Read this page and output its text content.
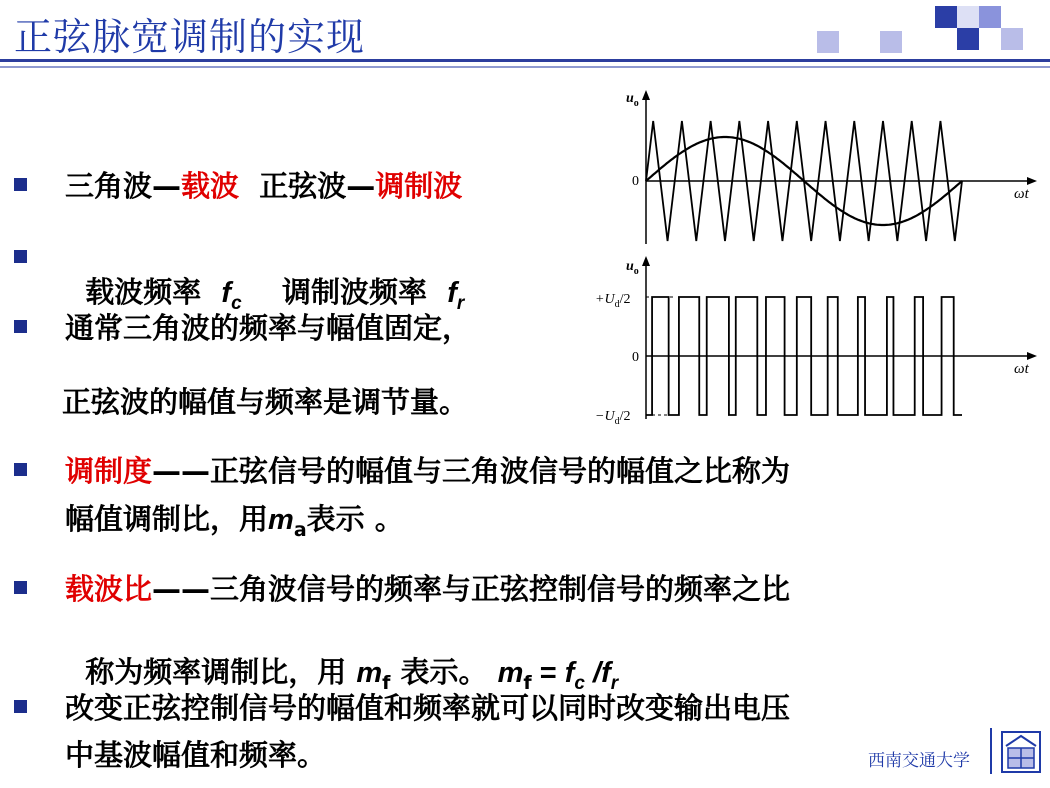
正弦脉宽调制的实现
三角波—载波  正弦波—调制波

载波频率  $f_c$    调制波频率  $f_r$

通常三角波的频率与幅值固定，
正弦波的幅值与频率是调节量。
调制度——正弦信号的幅值与三角波信号的幅值之比称为
幅值调制比，用$m_a$表示 。
载波比——三角波信号的频率与正弦控制信号的频率之比

称为频率调制比，用 $m_f$ 表示。 $m_f = f_c$ $/f_r$

改变正弦控制信号的幅值和频率就可以同时改变输出电压
中基波幅值和频率。
$u_o$
0
ωt
$u_o$
$+U_d/2$
0
$-U_d/2$
ωt
西南交通大学
